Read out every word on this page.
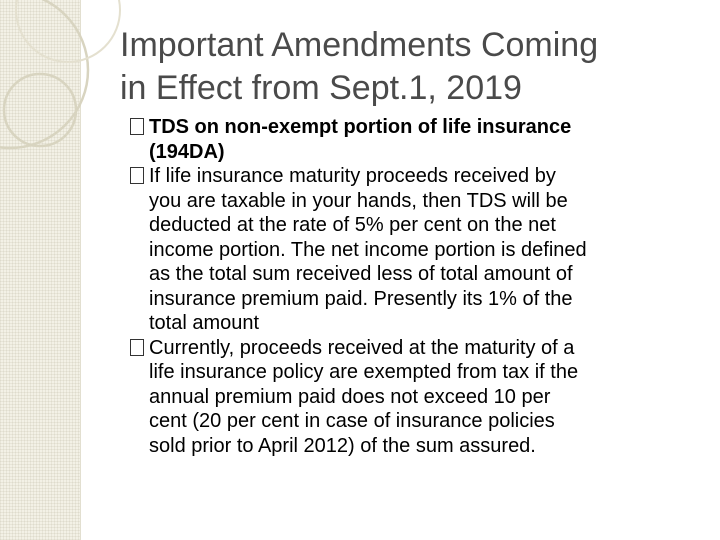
Important Amendments Coming
in Effect from Sept.1, 2019
TDS on non-exempt portion of life insurance
(194DA)
If life insurance maturity proceeds received by
you are taxable in your hands, then TDS will be
deducted at the rate of 5% per cent on the net
income portion. The net income portion is defined
as the total sum received less of total amount of
insurance premium paid. Presently its 1% of the
total amount
Currently, proceeds received at the maturity of a
life insurance policy are exempted from tax if the
annual premium paid does not exceed 10 per
cent (20 per cent in case of insurance policies
sold prior to April 2012) of the sum assured.
